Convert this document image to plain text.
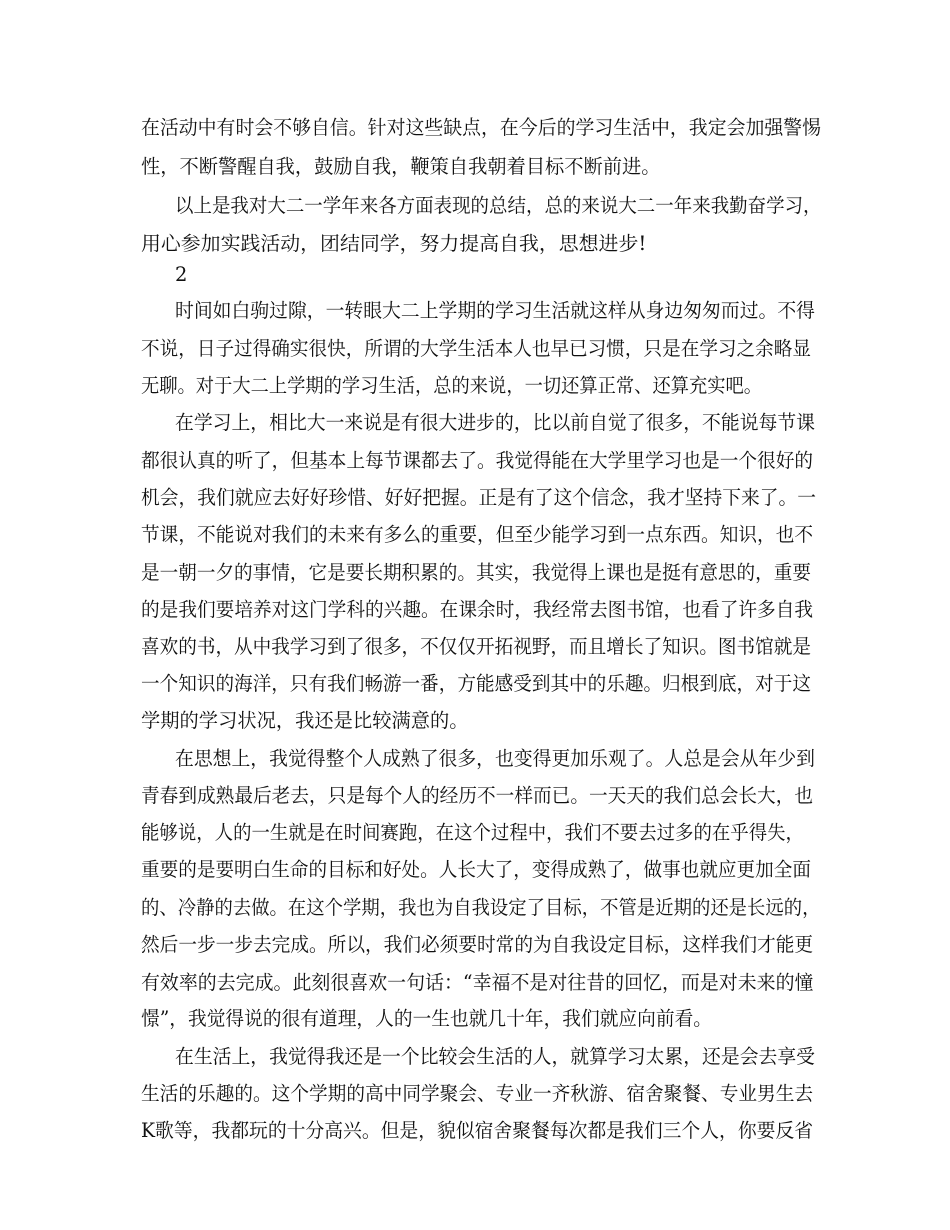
在活动中有时会不够自信。针对这些缺点，在今后的学习生活中，我定会加强警惕
性，不断警醒自我，鼓励自我，鞭策自我朝着目标不断前进。
以上是我对大二一学年来各方面表现的总结，总的来说大二一年来我勤奋学习，
用心参加实践活动，团结同学，努力提高自我，思想进步!
2
时间如白驹过隙，一转眼大二上学期的学习生活就这样从身边匆匆而过。不得
不说，日子过得确实很快，所谓的大学生活本人也早已习惯，只是在学习之余略显
无聊。对于大二上学期的学习生活，总的来说，一切还算正常、还算充实吧。
在学习上，相比大一来说是有很大进步的，比以前自觉了很多，不能说每节课
都很认真的听了，但基本上每节课都去了。我觉得能在大学里学习也是一个很好的
机会，我们就应去好好珍惜、好好把握。正是有了这个信念，我才坚持下来了。一
节课，不能说对我们的未来有多么的重要，但至少能学习到一点东西。知识，也不
是一朝一夕的事情，它是要长期积累的。其实，我觉得上课也是挺有意思的，重要
的是我们要培养对这门学科的兴趣。在课余时，我经常去图书馆，也看了许多自我
喜欢的书，从中我学习到了很多，不仅仅开拓视野，而且增长了知识。图书馆就是
一个知识的海洋，只有我们畅游一番，方能感受到其中的乐趣。归根到底，对于这
学期的学习状况，我还是比较满意的。
在思想上，我觉得整个人成熟了很多，也变得更加乐观了。人总是会从年少到
青春到成熟最后老去，只是每个人的经历不一样而已。一天天的我们总会长大，也
能够说，人的一生就是在时间赛跑，在这个过程中，我们不要去过多的在乎得失，
重要的是要明白生命的目标和好处。人长大了，变得成熟了，做事也就应更加全面
的、冷静的去做。在这个学期，我也为自我设定了目标，不管是近期的还是长远的，
然后一步一步去完成。所以，我们必须要时常的为自我设定目标，这样我们才能更
有效率的去完成。此刻很喜欢一句话：“幸福不是对往昔的回忆，而是对未来的憧
憬”，我觉得说的很有道理，人的一生也就几十年，我们就应向前看。
在生活上，我觉得我还是一个比较会生活的人，就算学习太累，还是会去享受
生活的乐趣的。这个学期的高中同学聚会、专业一齐秋游、宿舍聚餐、专业男生去
K歌等，我都玩的十分高兴。但是，貌似宿舍聚餐每次都是我们三个人，你要反省
